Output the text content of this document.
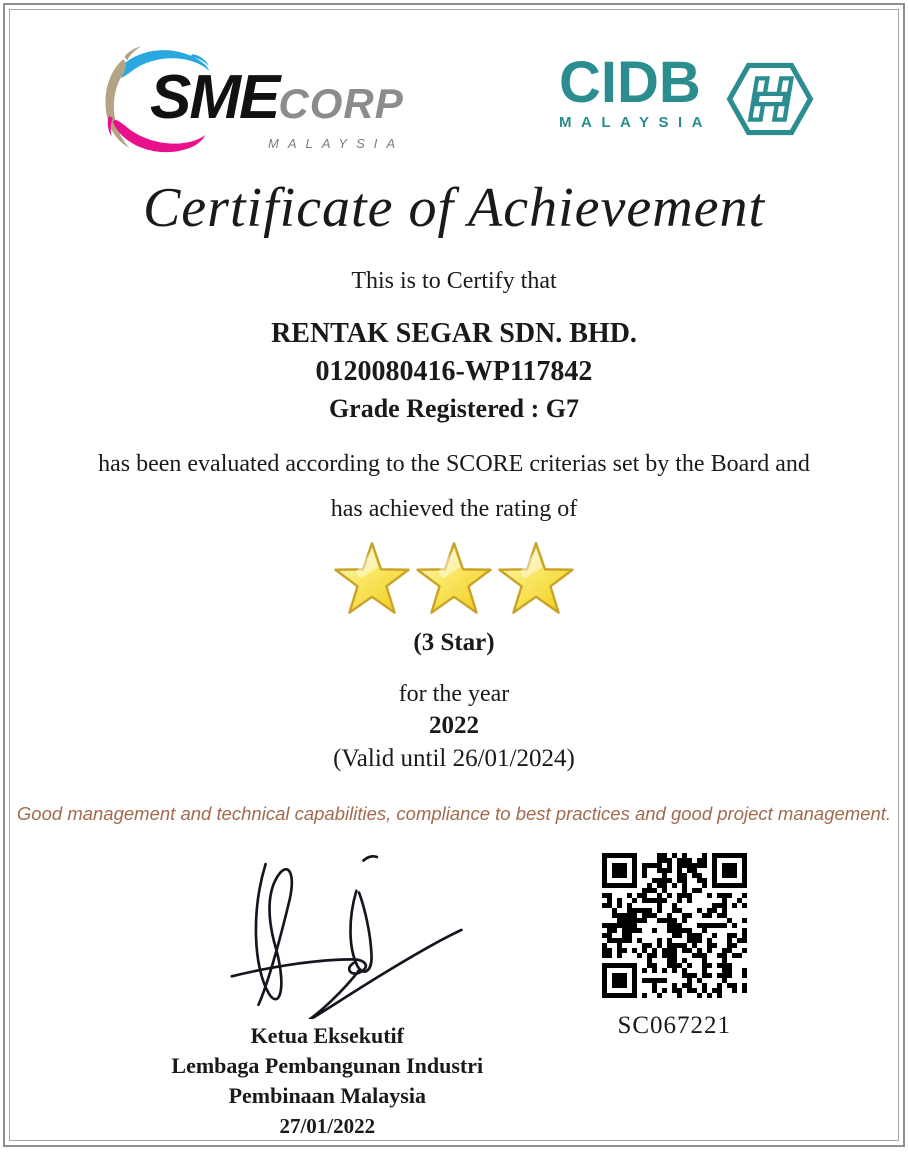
SMECORP
MALAYSIA
CIDB
MALAYSIA
Certificate of Achievement
This is to Certify that
RENTAK SEGAR SDN. BHD.
0120080416-WP117842
Grade Registered : G7
has been evaluated according to the SCORE criterias set by the Board and
has achieved the rating of
(3 Star)
for the year
2022
(Valid until 26/01/2024)
Good management and technical capabilities, compliance to best practices and good project management.
Ketua Eksekutif
Lembaga Pembangunan Industri Pembinaan Malaysia
27/01/2022
SC067221
